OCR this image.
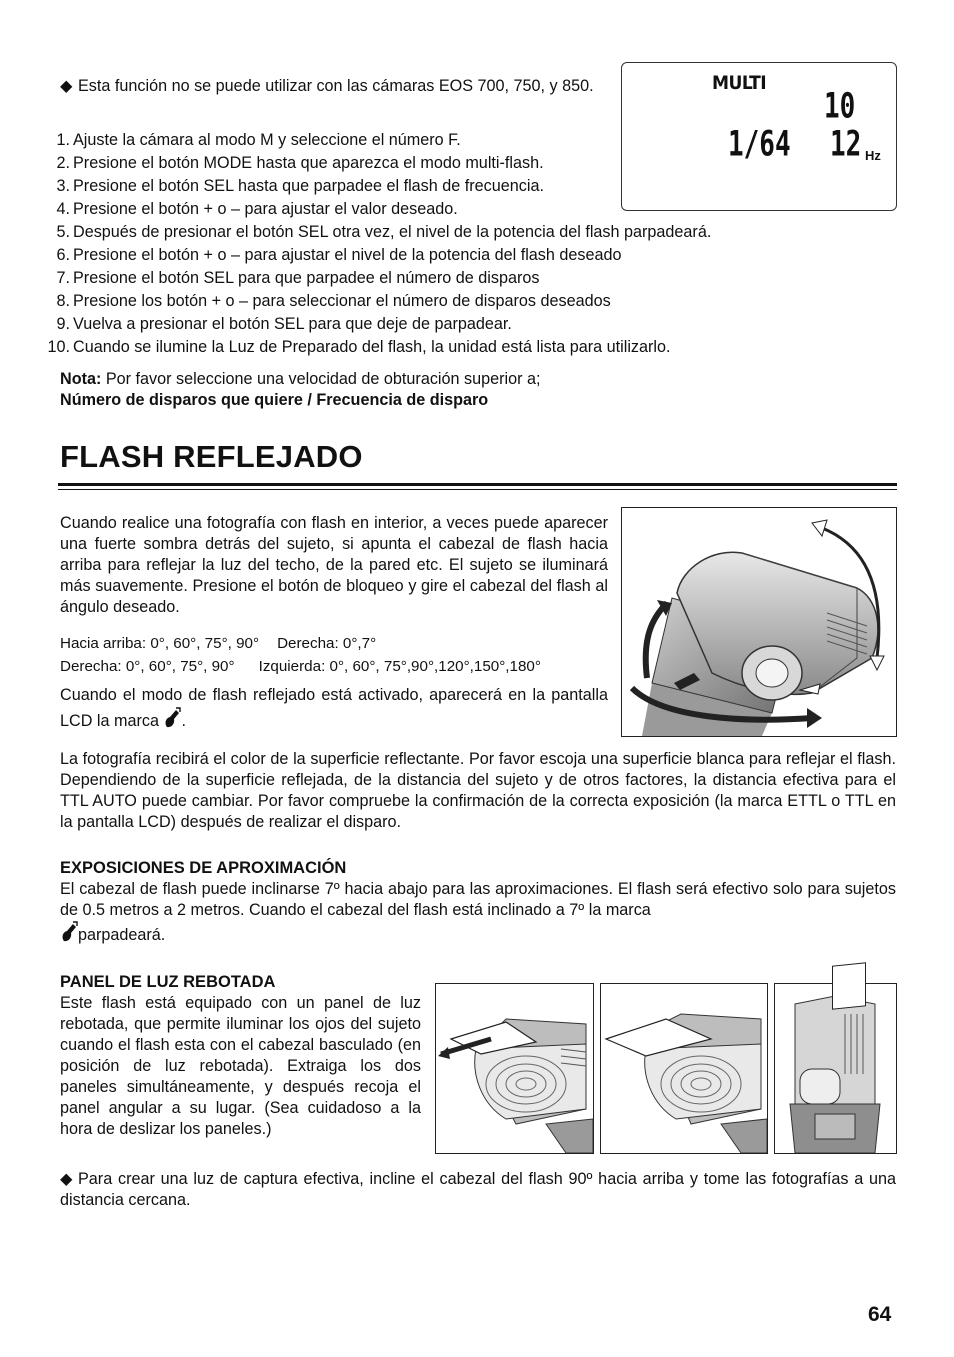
◆ Esta función no se puede utilizar con las cámaras EOS 700, 750, y 850.
1. Ajuste la cámara al modo M y seleccione el número F.
2. Presione el botón MODE hasta que aparezca el modo multi-flash.
3. Presione el botón SEL hasta que parpadee el flash de frecuencia.
4. Presione el botón + o – para ajustar el valor deseado.
5. Después de presionar el botón SEL otra vez, el nivel de la potencia del flash parpadeará.
6. Presione el botón + o – para ajustar el nivel de la potencia del flash deseado
7. Presione el botón SEL para que parpadee el número de disparos
8. Presione los botón + o – para seleccionar el número de disparos deseados
9. Vuelva a presionar el botón SEL para que deje de parpadear.
10. Cuando se ilumine la Luz de Preparado del flash, la unidad está lista para utilizarlo.
Nota: Por favor seleccione una velocidad de obturación superior a;
Número de disparos que quiere / Frecuencia de disparo
MULTI
10
1/64 12 Hz
FLASH REFLEJADO
Cuando realice una fotografía con flash en interior, a veces puede aparecer una fuerte sombra detrás del sujeto, si apunta el cabezal de flash hacia arriba para reflejar la luz del techo, de la pared etc. El sujeto se iluminará más suavemente. Presione el botón de bloqueo y gire el cabezal del flash al ángulo deseado.
Hacia arriba: 0°, 60°, 75°, 90° Derecha: 0°,7°
Derecha: 0°, 60°, 75°, 90° Izquierda: 0°, 60°, 75°,90°,120°,150°,180°
Cuando el modo de flash reflejado está activado, aparecerá en la pantalla LCD la marca .
La fotografía recibirá el color de la superficie reflectante. Por favor escoja una superficie blanca para reflejar el flash. Dependiendo de la superficie reflejada, de la distancia del sujeto y de otros factores, la distancia efectiva para el TTL AUTO puede cambiar. Por favor compruebe la confirmación de la correcta exposición (la marca ETTL o TTL en la pantalla LCD) después de realizar el disparo.
EXPOSICIONES DE APROXIMACIÓN
El cabezal de flash puede inclinarse 7º hacia abajo para las aproximaciones. El flash será efectivo solo para sujetos de 0.5 metros a 2 metros. Cuando el cabezal del flash está inclinado a 7º la marca
parpadeará.
PANEL DE LUZ REBOTADA
Este flash está equipado con un panel de luz rebotada, que permite iluminar los ojos del sujeto cuando el flash esta con el cabezal basculado (en posición de luz rebotada). Extraiga los dos paneles simultáneamente, y después recoja el panel angular a su lugar. (Sea cuidadoso a la hora de deslizar los paneles.)
◆ Para crear una luz de captura efectiva, incline el cabezal del flash 90º hacia arriba y tome las fotografías a una distancia cercana.
64
